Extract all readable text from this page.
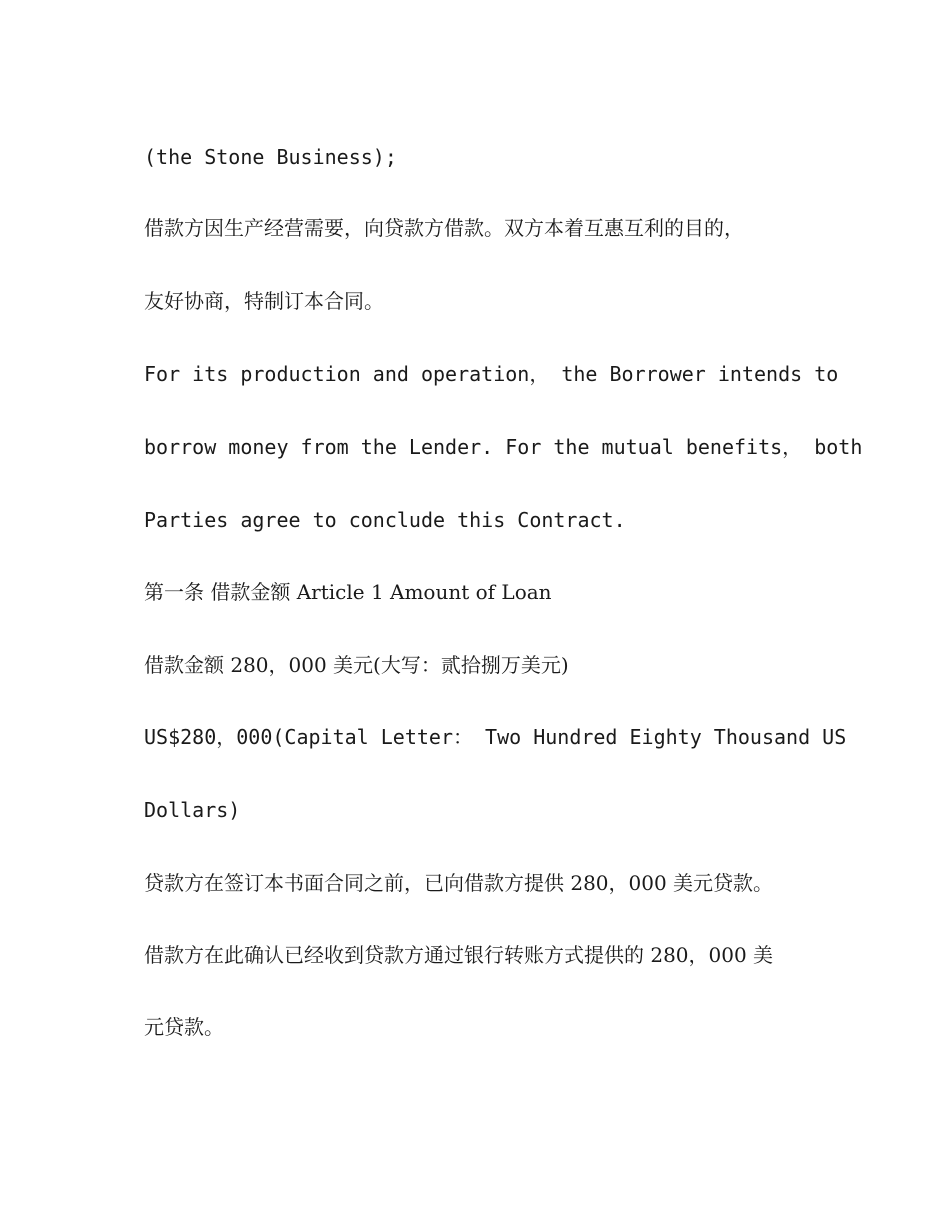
(the Stone Business);
借款方因生产经营需要，向贷款方借款。双方本着互惠互利的目的，
友好协商，特制订本合同。
For its production and operation， the Borrower intends to
borrow money from the Lender. For the mutual benefits， both
Parties agree to conclude this Contract.
第一条 借款金额 Article 1 Amount of Loan
借款金额 280，000 美元(大写：贰拾捌万美元)
US$280，000(Capital Letter： Two Hundred Eighty Thousand US
Dollars)
贷款方在签订本书面合同之前，已向借款方提供 280，000 美元贷款。
借款方在此确认已经收到贷款方通过银行转账方式提供的 280，000 美
元贷款。
